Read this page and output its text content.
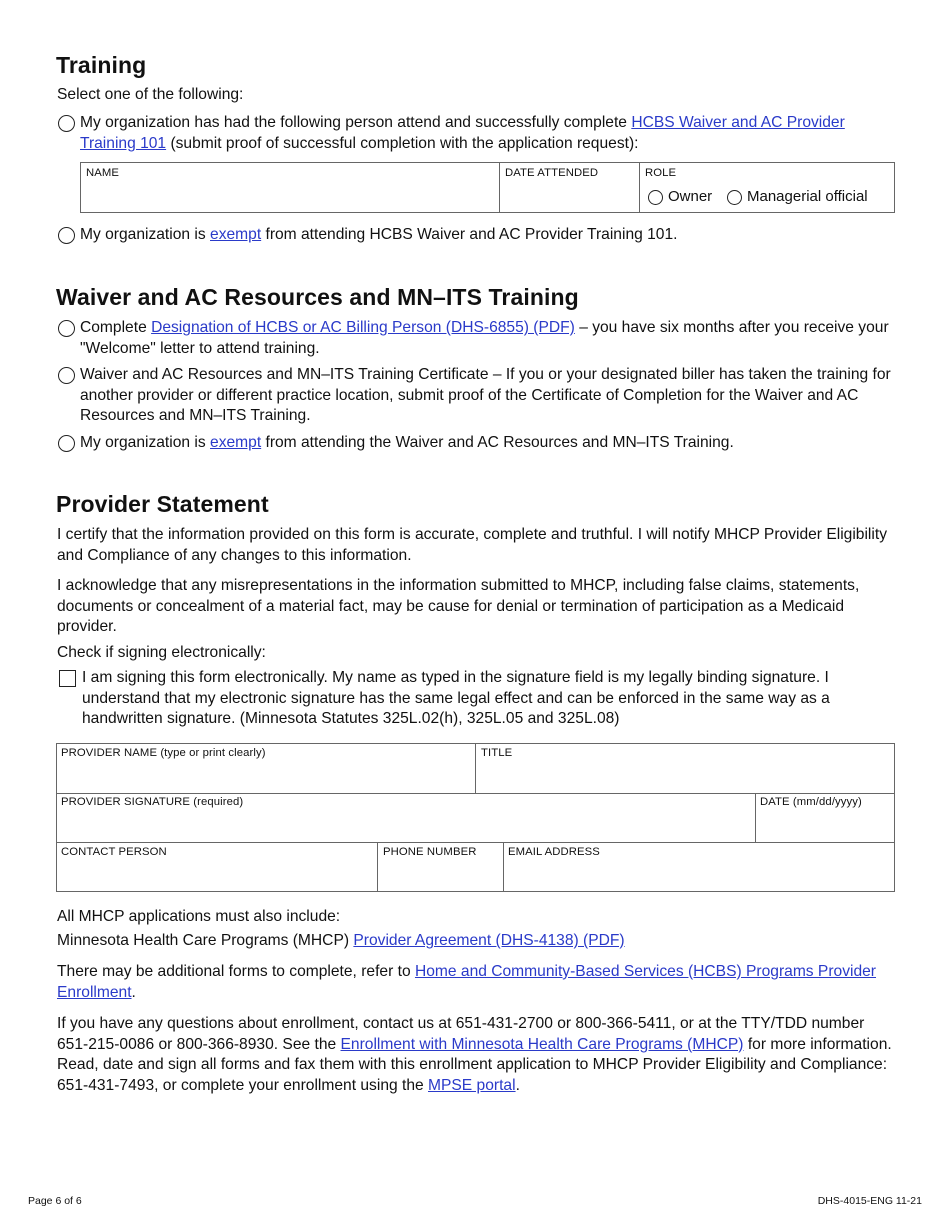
Training

Select one of the following:

My organization has had the following person attend and successfully complete HCBS Waiver and AC Provider Training 101 (submit proof of successful completion with the application request):

NAME	DATE ATTENDED	ROLE
Owner Managerial official

My organization is exempt from attending HCBS Waiver and AC Provider Training 101.

Waiver and AC Resources and MN–ITS Training

Complete Designation of HCBS or AC Billing Person (DHS-6855) (PDF) – you have six months after you receive your "Welcome" letter to attend training.

Waiver and AC Resources and MN–ITS Training Certificate – If you or your designated biller has taken the training for another provider or different practice location, submit proof of the Certificate of Completion for the Waiver and AC Resources and MN–ITS Training.

My organization is exempt from attending the Waiver and AC Resources and MN–ITS Training.

Provider Statement

I certify that the information provided on this form is accurate, complete and truthful. I will notify MHCP Provider Eligibility and Compliance of any changes to this information.

I acknowledge that any misrepresentations in the information submitted to MHCP, including false claims, statements, documents or concealment of a material fact, may be cause for denial or termination of participation as a Medicaid provider.

Check if signing electronically:

I am signing this form electronically. My name as typed in the signature field is my legally binding signature. I understand that my electronic signature has the same legal effect and can be enforced in the same way as a handwritten signature. (Minnesota Statutes 325L.02(h), 325L.05 and 325L.08)

PROVIDER NAME (type or print clearly)	TITLE
PROVIDER SIGNATURE (required)	DATE (mm/dd/yyyy)
CONTACT PERSON	PHONE NUMBER	EMAIL ADDRESS

All MHCP applications must also include:

Minnesota Health Care Programs (MHCP) Provider Agreement (DHS-4138) (PDF)

There may be additional forms to complete, refer to Home and Community-Based Services (HCBS) Programs Provider Enrollment.

If you have any questions about enrollment, contact us at 651-431-2700 or 800-366-5411, or at the TTY/TDD number 651-215-0086 or 800-366-8930. See the Enrollment with Minnesota Health Care Programs (MHCP) for more information. Read, date and sign all forms and fax them with this enrollment application to MHCP Provider Eligibility and Compliance: 651-431-7493, or complete your enrollment using the MPSE portal.

Page 6 of 6	DHS-4015-ENG 11-21
